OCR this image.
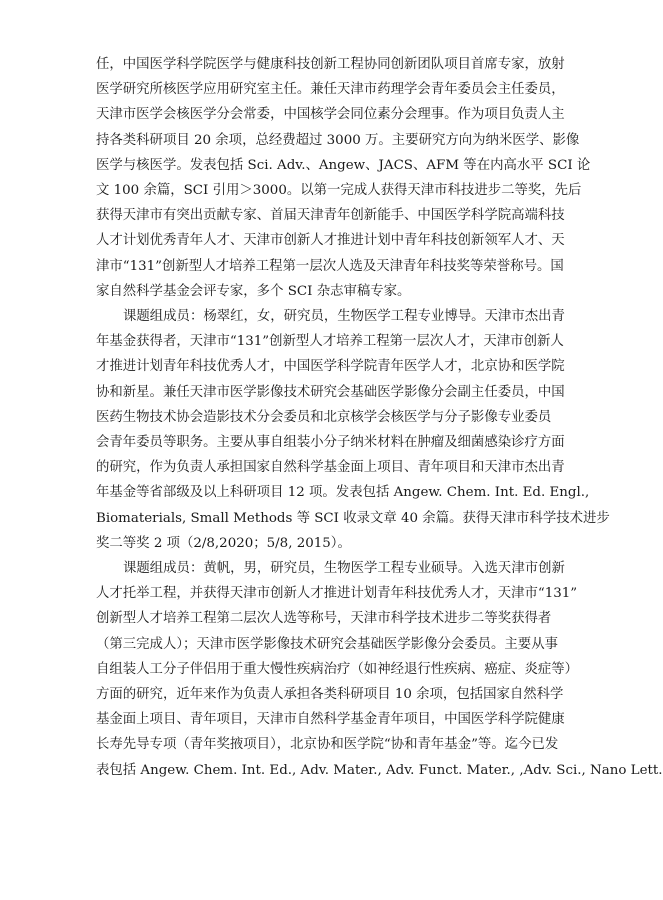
任，中国医学科学院医学与健康科技创新工程协同创新团队项目首席专家，放射
医学研究所核医学应用研究室主任。兼任天津市药理学会青年委员会主任委员，
天津市医学会核医学分会常委，中国核学会同位素分会理事。作为项目负责人主
持各类科研项目 20 余项，总经费超过 3000 万。主要研究方向为纳米医学、影像
医学与核医学。发表包括 Sci. Adv.、Angew、JACS、AFM 等在内高水平 SCI 论
文 100 余篇，SCI 引用＞3000。以第一完成人获得天津市科技进步二等奖，先后
获得天津市有突出贡献专家、首届天津青年创新能手、中国医学科学院高端科技
人才计划优秀青年人才、天津市创新人才推进计划中青年科技创新领军人才、天
津市“131”创新型人才培养工程第一层次人选及天津青年科技奖等荣誉称号。国
家自然科学基金会评专家，多个 SCI 杂志审稿专家。
课题组成员：杨翠红，女，研究员，生物医学工程专业博导。天津市杰出青
年基金获得者，天津市“131”创新型人才培养工程第一层次人才，天津市创新人
才推进计划青年科技优秀人才，中国医学科学院青年医学人才，北京协和医学院
协和新星。兼任天津市医学影像技术研究会基础医学影像分会副主任委员，中国
医药生物技术协会造影技术分会委员和北京核学会核医学与分子影像专业委员
会青年委员等职务。主要从事自组装小分子纳米材料在肿瘤及细菌感染诊疗方面
的研究，作为负责人承担国家自然科学基金面上项目、青年项目和天津市杰出青
年基金等省部级及以上科研项目 12 项。发表包括 Angew. Chem. Int. Ed. Engl.,
Biomaterials, Small Methods 等 SCI 收录文章 40 余篇。获得天津市科学技术进步
奖二等奖 2 项（2/8,2020；5/8, 2015）。
课题组成员：黄帆，男，研究员，生物医学工程专业硕导。入选天津市创新
人才托举工程，并获得天津市创新人才推进计划青年科技优秀人才，天津市“131”
创新型人才培养工程第二层次人选等称号，天津市科学技术进步二等奖获得者
（第三完成人）；天津市医学影像技术研究会基础医学影像分会委员。主要从事
自组装人工分子伴侣用于重大慢性疾病治疗（如神经退行性疾病、癌症、炎症等）
方面的研究，近年来作为负责人承担各类科研项目 10 余项，包括国家自然科学
基金面上项目、青年项目，天津市自然科学基金青年项目，中国医学科学院健康
长寿先导专项（青年奖掖项目），北京协和医学院“协和青年基金”等。迄今已发
表包括 Angew. Chem. Int. Ed., Adv. Mater., Adv. Funct. Mater., ,Adv. Sci., Nano Lett.
